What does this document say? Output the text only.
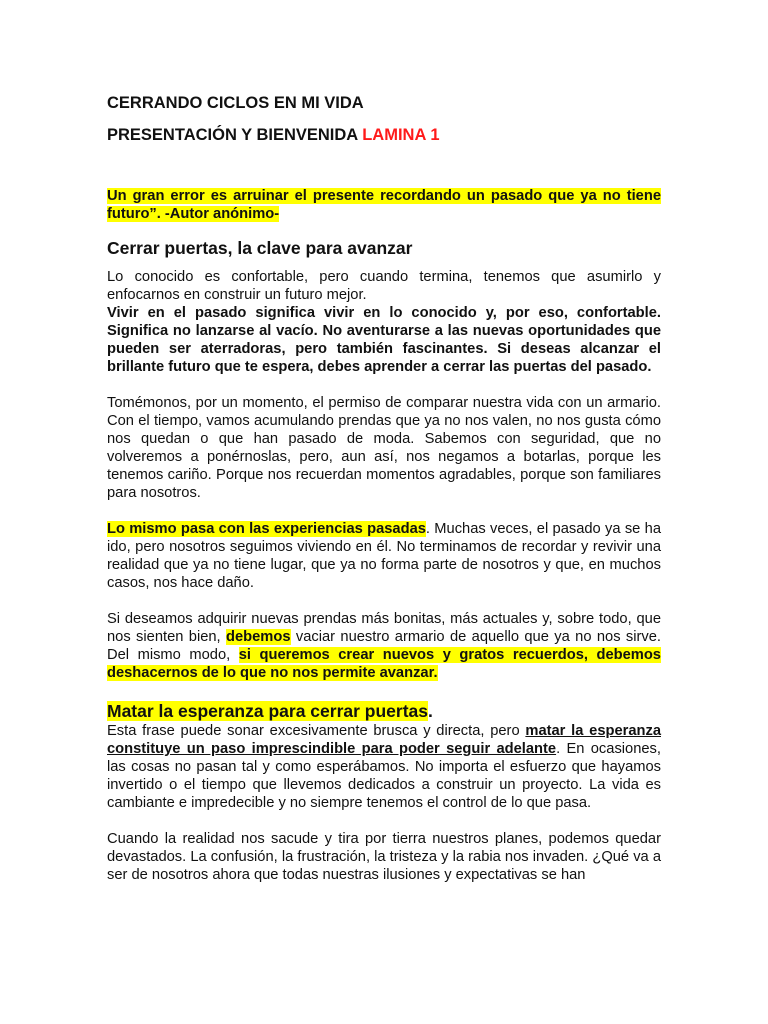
CERRANDO CICLOS EN MI VIDA
PRESENTACIÓN Y BIENVENIDA LAMINA 1

Un gran error es arruinar el presente recordando un pasado que ya no tiene futuro”. -Autor anónimo-

Cerrar puertas, la clave para avanzar

Lo conocido es confortable, pero cuando termina, tenemos que asumirlo y enfocarnos en construir un futuro mejor.

Vivir en el pasado significa vivir en lo conocido y, por eso, confortable. Significa no lanzarse al vacío. No aventurarse a las nuevas oportunidades que pueden ser aterradoras, pero también fascinantes. Si deseas alcanzar el brillante futuro que te espera, debes aprender a cerrar las puertas del pasado.

Tomémonos, por un momento, el permiso de comparar nuestra vida con un armario. Con el tiempo, vamos acumulando prendas que ya no nos valen, no nos gusta cómo nos quedan o que han pasado de moda. Sabemos con seguridad, que no volveremos a ponérnoslas, pero, aun así, nos negamos a botarlas, porque les tenemos cariño. Porque nos recuerdan momentos agradables, porque son familiares para nosotros.

Lo mismo pasa con las experiencias pasadas. Muchas veces, el pasado ya se ha ido, pero nosotros seguimos viviendo en él. No terminamos de recordar y revivir una realidad que ya no tiene lugar, que ya no forma parte de nosotros y que, en muchos casos, nos hace daño.

Si deseamos adquirir nuevas prendas más bonitas, más actuales y, sobre todo, que nos sienten bien, debemos vaciar nuestro armario de aquello que ya no nos sirve. Del mismo modo, si queremos crear nuevos y gratos recuerdos, debemos deshacernos de lo que no nos permite avanzar.

Matar la esperanza para cerrar puertas.

Esta frase puede sonar excesivamente brusca y directa, pero matar la esperanza constituye un paso imprescindible para poder seguir adelante. En ocasiones, las cosas no pasan tal y como esperábamos. No importa el esfuerzo que hayamos invertido o el tiempo que llevemos dedicados a construir un proyecto. La vida es cambiante e impredecible y no siempre tenemos el control de lo que pasa.

Cuando la realidad nos sacude y tira por tierra nuestros planes, podemos quedar devastados. La confusión, la frustración, la tristeza y la rabia nos invaden. ¿Qué va a ser de nosotros ahora que todas nuestras ilusiones y expectativas se han
